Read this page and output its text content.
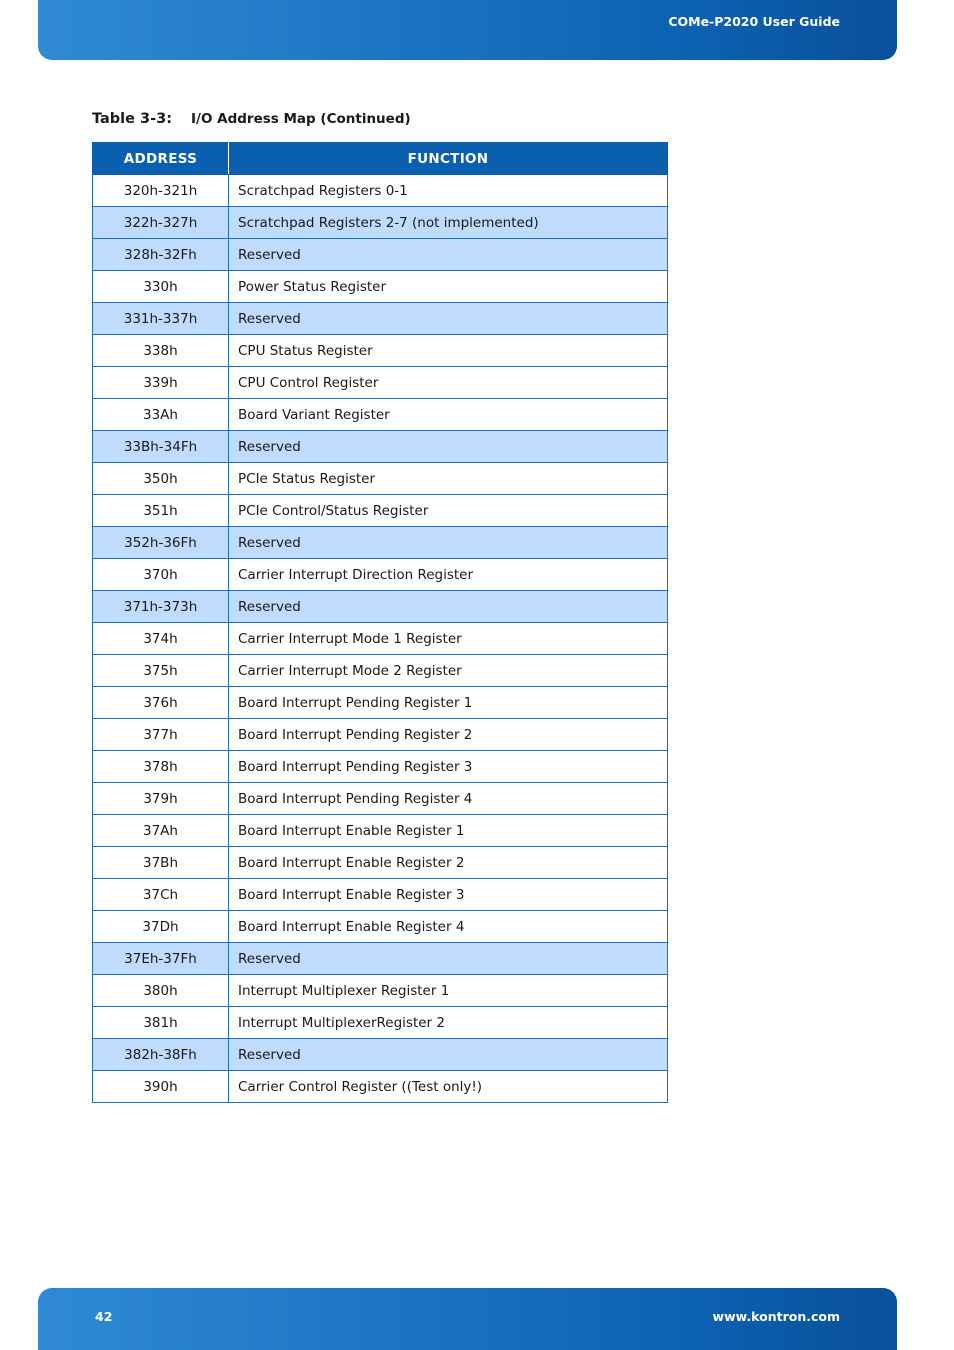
COMe-P2020 User Guide
Table 3-3: I/O Address Map (Continued)
ADDRESS	FUNCTION
320h-321h	Scratchpad Registers 0-1
322h-327h	Scratchpad Registers 2-7 (not implemented)
328h-32Fh	Reserved
330h	Power Status Register
331h-337h	Reserved
338h	CPU Status Register
339h	CPU Control Register
33Ah	Board Variant Register
33Bh-34Fh	Reserved
350h	PCIe Status Register
351h	PCIe Control/Status Register
352h-36Fh	Reserved
370h	Carrier Interrupt Direction Register
371h-373h	Reserved
374h	Carrier Interrupt Mode 1 Register
375h	Carrier Interrupt Mode 2 Register
376h	Board Interrupt Pending Register 1
377h	Board Interrupt Pending Register 2
378h	Board Interrupt Pending Register 3
379h	Board Interrupt Pending Register 4
37Ah	Board Interrupt Enable Register 1
37Bh	Board Interrupt Enable Register 2
37Ch	Board Interrupt Enable Register 3
37Dh	Board Interrupt Enable Register 4
37Eh-37Fh	Reserved
380h	Interrupt Multiplexer Register 1
381h	Interrupt MultiplexerRegister 2
382h-38Fh	Reserved
390h	Carrier Control Register ((Test only!)
42	www.kontron.com
